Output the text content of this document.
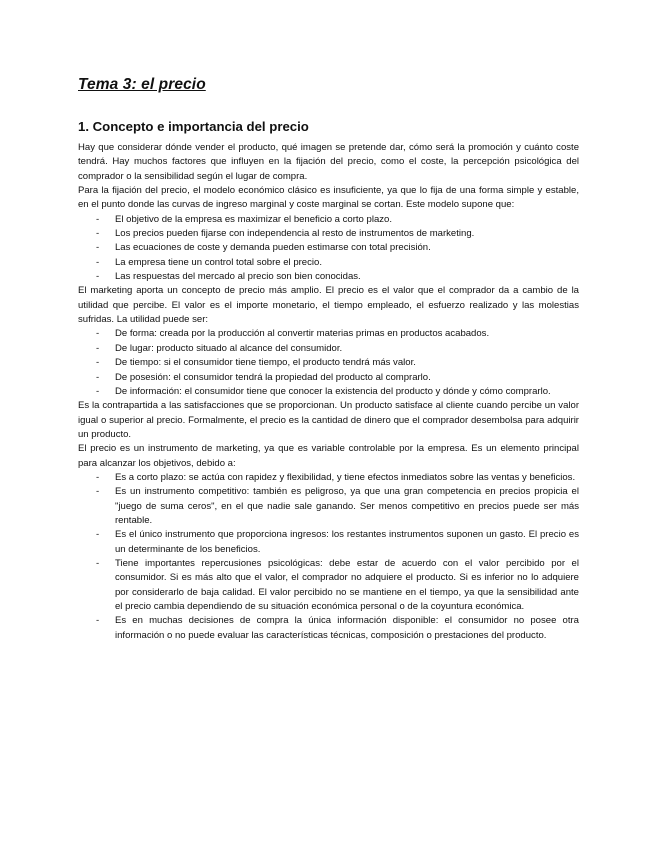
Tema 3: el precio
1. Concepto e importancia del precio

Hay que considerar dónde vender el producto, qué imagen se pretende dar, cómo será la promoción y cuánto coste tendrá. Hay muchos factores que influyen en la fijación del precio, como el coste, la percepción psicológica del comprador o la sensibilidad según el lugar de compra.

Para la fijación del precio, el modelo económico clásico es insuficiente, ya que lo fija de una forma simple y estable, en el punto donde las curvas de ingreso marginal y coste marginal se cortan. Este modelo supone que:

- El objetivo de la empresa es maximizar el beneficio a corto plazo.
- Los precios pueden fijarse con independencia al resto de instrumentos de marketing.
- Las ecuaciones de coste y demanda pueden estimarse con total precisión.
- La empresa tiene un control total sobre el precio.
- Las respuestas del mercado al precio son bien conocidas.

El marketing aporta un concepto de precio más amplio. El precio es el valor que el comprador da a cambio de la utilidad que percibe. El valor es el importe monetario, el tiempo empleado, el esfuerzo realizado y las molestias sufridas. La utilidad puede ser:

- De forma: creada por la producción al convertir materias primas en productos acabados.
- De lugar: producto situado al alcance del consumidor.
- De tiempo: si el consumidor tiene tiempo, el producto tendrá más valor.
- De posesión: el consumidor tendrá la propiedad del producto al comprarlo.
- De información: el consumidor tiene que conocer la existencia del producto y dónde y cómo comprarlo.

Es la contrapartida a las satisfacciones que se proporcionan. Un producto satisface al cliente cuando percibe un valor igual o superior al precio. Formalmente, el precio es la cantidad de dinero que el comprador desembolsa para adquirir un producto.

El precio es un instrumento de marketing, ya que es variable controlable por la empresa. Es un elemento principal para alcanzar los objetivos, debido a:

- Es a corto plazo: se actúa con rapidez y flexibilidad, y tiene efectos inmediatos sobre las ventas y beneficios.
- Es un instrumento competitivo: también es peligroso, ya que una gran competencia en precios propicia el "juego de suma ceros", en el que nadie sale ganando. Ser menos competitivo en precios puede ser más rentable.
- Es el único instrumento que proporciona ingresos: los restantes instrumentos suponen un gasto. El precio es un determinante de los beneficios.
- Tiene importantes repercusiones psicológicas: debe estar de acuerdo con el valor percibido por el consumidor. Si es más alto que el valor, el comprador no adquiere el producto. Si es inferior no lo adquiere por considerarlo de baja calidad. El valor percibido no se mantiene en el tiempo, ya que la sensibilidad ante el precio cambia dependiendo de su situación económica personal o de la coyuntura económica.
- Es en muchas decisiones de compra la única información disponible: el consumidor no posee otra información o no puede evaluar las características técnicas, composición o prestaciones del producto.
